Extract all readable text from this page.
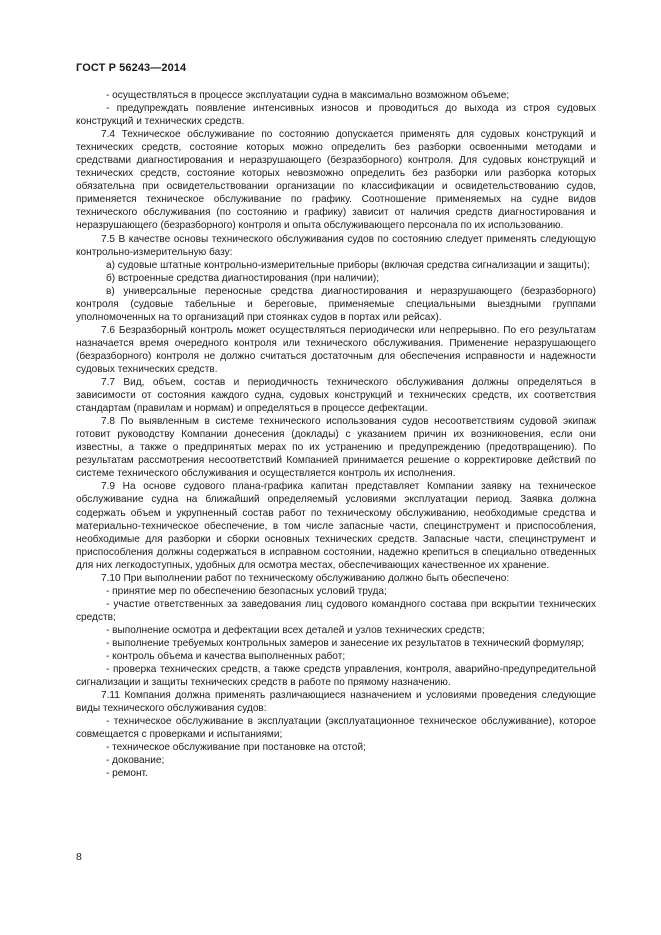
ГОСТ Р 56243—2014

- осуществляться в процессе эксплуатации судна в максимально возможном объеме;

- предупреждать появление интенсивных износов и проводиться до выхода из строя судовых конструкций и технических средств.

7.4 Техническое обслуживание по состоянию допускается применять для судовых конструкций и технических средств, состояние которых можно определить без разборки освоенными методами и средствами диагностирования и неразрушающего (безразборного) контроля. Для судовых конструкций и технических средств, состояние которых невозможно определить без разборки или разборка которых обязательна при освидетельствовании организации по классификации и освидетельствованию судов, применяется техническое обслуживание по графику. Соотношение применяемых на судне видов технического обслуживания (по состоянию и графику) зависит от наличия средств диагностирования и неразрушающего (безразборного) контроля и опыта обслуживающего персонала по их использованию.

7.5 В качестве основы технического обслуживания судов по состоянию следует применять следующую контрольно-измерительную базу:

а) судовые штатные контрольно-измерительные приборы (включая средства сигнализации и защиты);

б) встроенные средства диагностирования (при наличии);

в) универсальные переносные средства диагностирования и неразрушающего (безразборного) контроля (судовые табельные и береговые, применяемые специальными выездными группами уполномоченных на то организаций при стоянках судов в портах или рейсах).

7.6 Безразборный контроль может осуществляться периодически или непрерывно. По его результатам назначается время очередного контроля или технического обслуживания. Применение неразрушающего (безразборного) контроля не должно считаться достаточным для обеспечения исправности и надежности судовых технических средств.

7.7 Вид, объем, состав и периодичность технического обслуживания должны определяться в зависимости от состояния каждого судна, судовых конструкций и технических средств, их соответствия стандартам (правилам и нормам) и определяться в процессе дефектации.

7.8 По выявленным в системе технического использования судов несоответствиям судовой экипаж готовит руководству Компании донесения (доклады) с указанием причин их возникновения, если они известны, а также о предпринятых мерах по их устранению и предупреждению (предотвращению). По результатам рассмотрения несоответствий Компанией принимается решение о корректировке действий по системе технического обслуживания и осуществляется контроль их исполнения.

7.9 На основе судового плана-графика капитан представляет Компании заявку на техническое обслуживание судна на ближайший определяемый условиями эксплуатации период. Заявка должна содержать объем и укрупненный состав работ по техническому обслуживанию, необходимые средства и материально-техническое обеспечение, в том числе запасные части, специнструмент и приспособления, необходимые для разборки и сборки основных технических средств. Запасные части, специнструмент и приспособления должны содержаться в исправном состоянии, надежно крепиться в специально отведенных для них легкодоступных, удобных для осмотра местах, обеспечивающих качественное их хранение.

7.10 При выполнении работ по техническому обслуживанию должно быть обеспечено:

- принятие мер по обеспечению безопасных условий труда;

- участие ответственных за заведования лиц судового командного состава при вскрытии технических средств;

- выполнение осмотра и дефектации всех деталей и узлов технических средств;

- выполнение требуемых контрольных замеров и занесение их результатов в технический формуляр;

- контроль объема и качества выполненных работ;

- проверка технических средств, а также средств управления, контроля, аварийно-предупредительной сигнализации и защиты технических средств в работе по прямому назначению.

7.11 Компания должна применять различающиеся назначением и условиями проведения следующие виды технического обслуживания судов:

- техническое обслуживание в эксплуатации (эксплуатационное техническое обслуживание), которое совмещается с проверками и испытаниями;

- техническое обслуживание при постановке на отстой;

- докование;

- ремонт.

8
